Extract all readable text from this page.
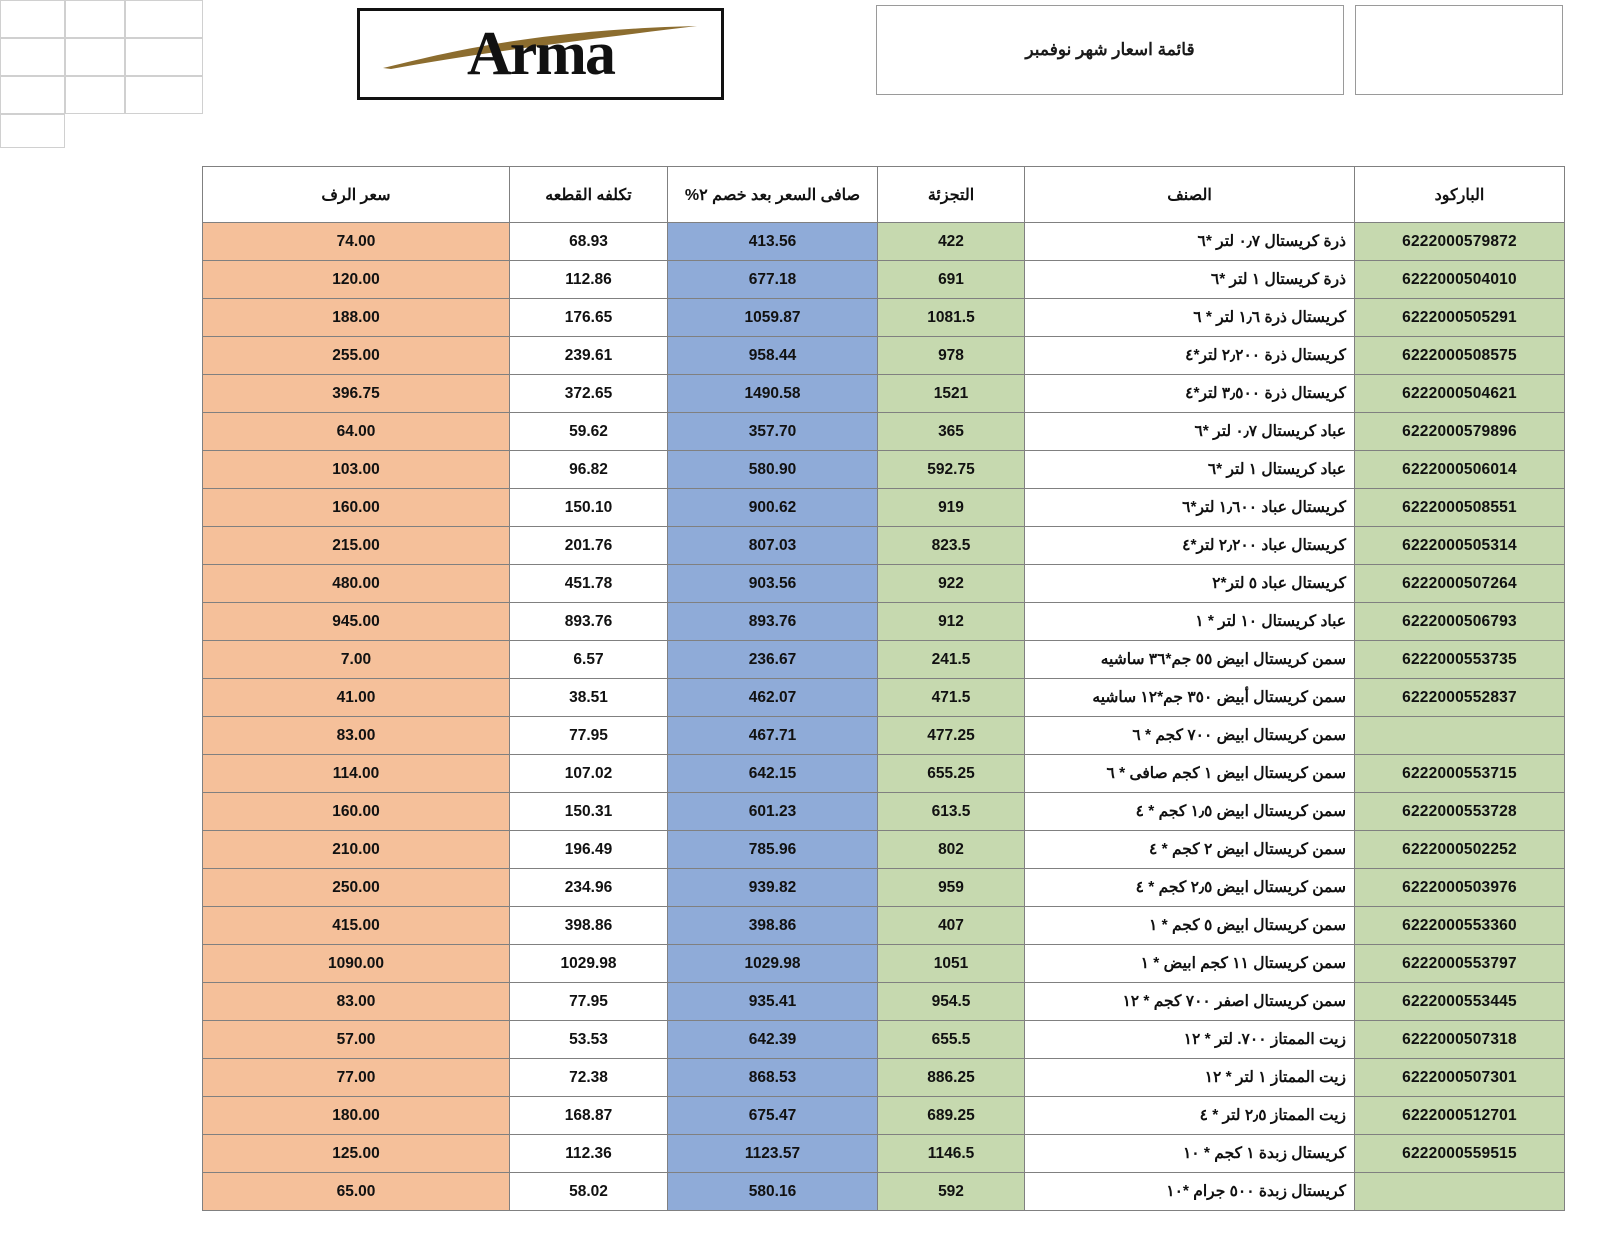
Arma	قائمة اسعار شهر نوفمبر
الباركود	الصنف	التجزئة	صافى السعر بعد خصم ٢%	تكلفه القطعه	سعر الرف
6222000579872	ذرة كريستال ٠٫٧ لتر *٦	422	413.56	68.93	74.00
6222000504010	ذرة كريستال ١ لتر *٦	691	677.18	112.86	120.00
6222000505291	كريستال ذرة ١٫٦ لتر * ٦	1081.5	1059.87	176.65	188.00
6222000508575	كريستال ذرة ٢٫٢٠٠ لتر*٤	978	958.44	239.61	255.00
6222000504621	كريستال ذرة ٣٫٥٠٠ لتر*٤	1521	1490.58	372.65	396.75
6222000579896	عباد كريستال ٠٫٧ لتر *٦	365	357.70	59.62	64.00
6222000506014	عباد كريستال ١ لتر *٦	592.75	580.90	96.82	103.00
6222000508551	كريستال عباد ١٫٦٠٠ لتر*٦	919	900.62	150.10	160.00
6222000505314	كريستال عباد ٢٫٢٠٠ لتر*٤	823.5	807.03	201.76	215.00
6222000507264	كريستال عباد ٥ لتر*٢	922	903.56	451.78	480.00
6222000506793	عباد كريستال ١٠ لتر * ١	912	893.76	893.76	945.00
6222000553735	سمن كريستال ابيض ٥٥ جم*٣٦ ساشيه	241.5	236.67	6.57	7.00
6222000552837	سمن كريستال أبيض ٣٥٠ جم*١٢ ساشيه	471.5	462.07	38.51	41.00
	سمن كريستال ابيض ٧٠٠ كجم * ٦	477.25	467.71	77.95	83.00
6222000553715	سمن كريستال ابيض ١ كجم صافى * ٦	655.25	642.15	107.02	114.00
6222000553728	سمن كريستال ابيض ١٫٥ كجم * ٤	613.5	601.23	150.31	160.00
6222000502252	سمن كريستال ابيض ٢ كجم * ٤	802	785.96	196.49	210.00
6222000503976	سمن كريستال ابيض ٢٫٥ كجم * ٤	959	939.82	234.96	250.00
6222000553360	سمن كريستال ابيض ٥ كجم * ١	407	398.86	398.86	415.00
6222000553797	سمن كريستال ١١ كجم ابيض * ١	1051	1029.98	1029.98	1090.00
6222000553445	سمن كريستال اصفر ٧٠٠ كجم * ١٢	954.5	935.41	77.95	83.00
6222000507318	زيت الممتاز ٧٠٠. لتر * ١٢	655.5	642.39	53.53	57.00
6222000507301	زيت الممتاز ١ لتر * ١٢	886.25	868.53	72.38	77.00
6222000512701	زيت الممتاز ٢٫٥ لتر * ٤	689.25	675.47	168.87	180.00
6222000559515	كريستال زبدة ١ كجم * ١٠	1146.5	1123.57	112.36	125.00
	كريستال زبدة ٥٠٠ جرام *١٠	592	580.16	58.02	65.00
